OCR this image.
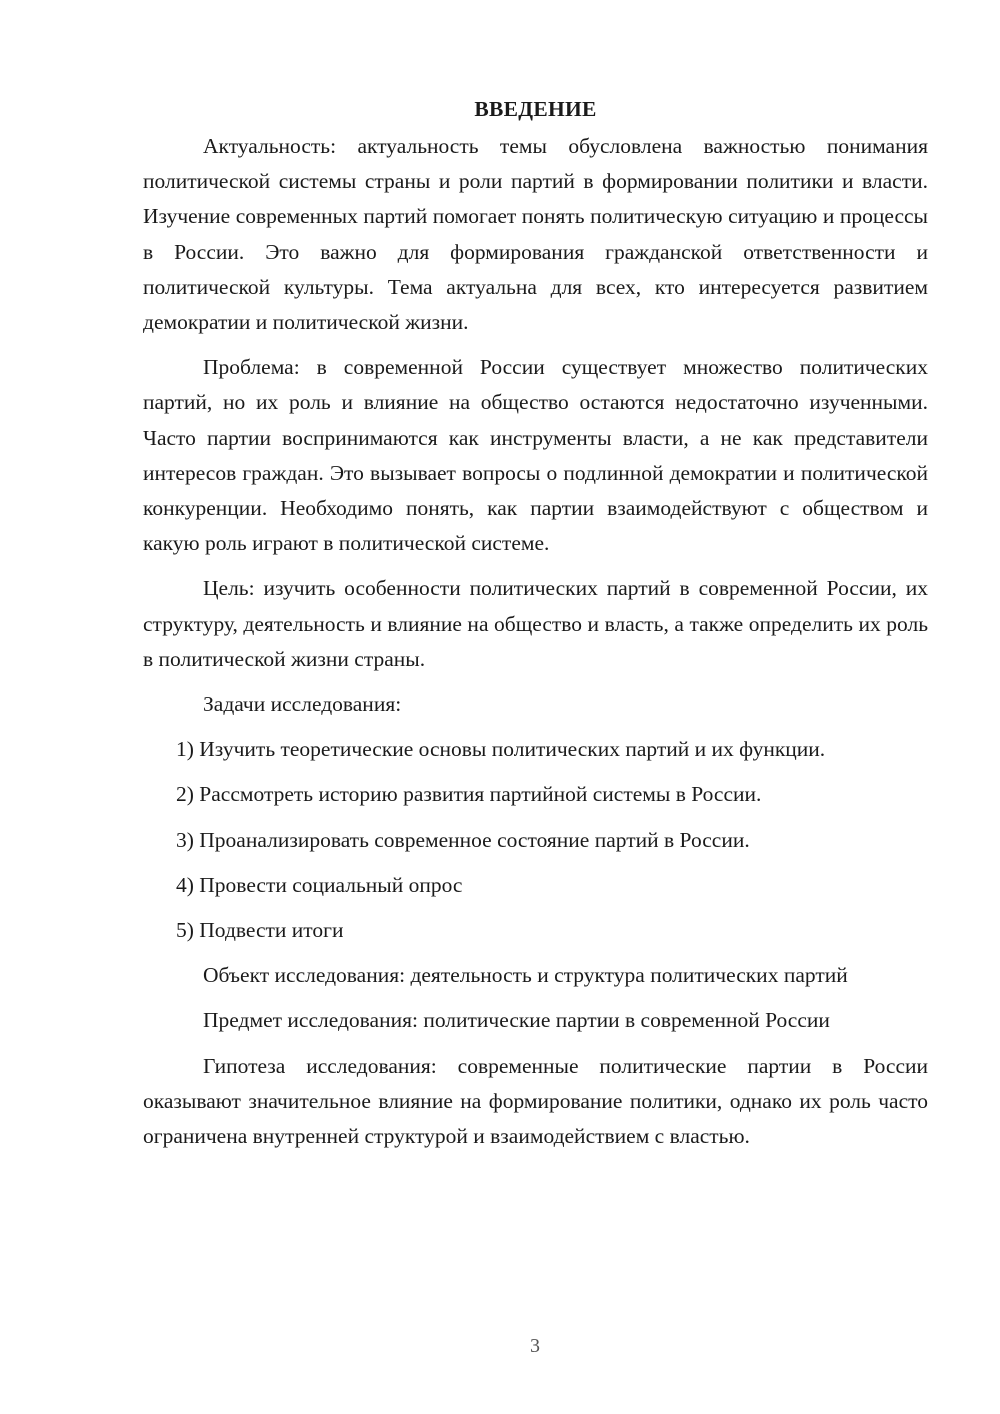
ВВЕДЕНИЕ

Актуальность: актуальность темы обусловлена важностью понимания политической системы страны и роли партий в формировании политики и власти. Изучение современных партий помогает понять политическую ситуацию и процессы в России. Это важно для формирования гражданской ответственности и политической культуры. Тема актуальна для всех, кто интересуется развитием демократии и политической жизни.

Проблема: в современной России существует множество политических партий, но их роль и влияние на общество остаются недостаточно изученными. Часто партии воспринимаются как инструменты власти, а не как представители интересов граждан. Это вызывает вопросы о подлинной демократии и политической конкуренции. Необходимо понять, как партии взаимодействуют с обществом и какую роль играют в политической системе.

Цель: изучить особенности политических партий в современной России, их структуру, деятельность и влияние на общество и власть, а также определить их роль в политической жизни страны.

Задачи исследования:

1) Изучить теоретические основы политических партий и их функции.
2) Рассмотреть историю развития партийной системы в России.
3) Проанализировать современное состояние партий в России.
4) Провести социальный опрос
5) Подвести итоги

Объект исследования: деятельность и структура политических партий

Предмет исследования: политические партии в современной России

Гипотеза исследования: современные политические партии в России оказывают значительное влияние на формирование политики, однако их роль часто ограничена внутренней структурой и взаимодействием с властью.

3
